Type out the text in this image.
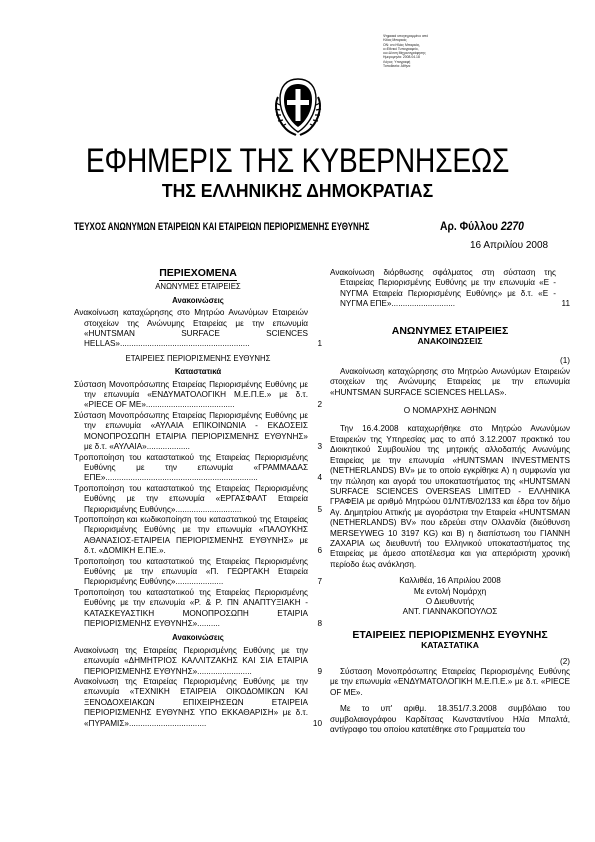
Ψηφιακά υπογεγραμμένο από
Ηλίας Μπαρκάς
ON: cn=Ηλίας Μπαρκάς,
o=Εθνικό Τυπογραφείο,
ou=Δ/νση Μηχανογράφησης
Ημερομηνία: 2008.04.18
Λόγος: Υπογραφή
Τοποθεσία: Αθήνα
ΕΦΗΜΕΡΙΣ ΤΗΣ ΚΥΒΕΡΝΗΣΕΩΣ
ΤΗΣ ΕΛΛΗΝΙΚΗΣ ΔΗΜΟΚΡΑΤΙΑΣ
ΤΕΥΧΟΣ ΑΝΩΝΥΜΩΝ ΕΤΑΙΡΕΙΩΝ ΚΑΙ ΕΤΑΙΡΕΙΩΝ ΠΕΡΙΟΡΙΣΜΕΝΗΣ ΕΥΘΥΝΗΣ	Αρ. Φύλλου 2270
16 Απριλίου 2008
ΠΕΡΙΕΧΟΜΕΝΑ
ΑΝΩΝΥΜΕΣ ΕΤΑΙΡΕΙΕΣ
Ανακοινώσεις
Ανακοίνωση καταχώρησης στο Μητρώο Ανωνύμων Εταιρειών στοιχείων της Ανώνυμης Εταιρείας με την επωνυμία «HUNTSMAN SURFACE SCIENCES HELLAS».........................................................	1
ΕΤΑΙΡΕΙΕΣ ΠΕΡΙΟΡΙΣΜΕΝΗΣ ΕΥΘΥΝΗΣ
Καταστατικά
Σύσταση Μονοπρόσωπης Εταιρείας Περιορισμένης Ευθύνης με την επωνυμία «ΕΝΔΥΜΑΤΟΛΟΓΙΚΗ Μ.Ε.Π.Ε.» με δ.τ. «PIECE OF ME».......................................	2
Σύσταση Μονοπρόσωπης Εταιρείας Περιορισμένης Ευθύνης με την επωνυμία «ΑΥΛΑΙΑ ΕΠΙΚΟΙΝΩΝΙΑ - ΕΚΔΟΣΕΙΣ ΜΟΝΟΠΡΟΣΩΠΗ ΕΤΑΙΡΙΑ ΠΕΡΙΟΡΙΣΜΕΝΗΣ ΕΥΘΥΝΗΣ» με δ.τ. «ΑΥΛΑΙΑ»...................	3
Τροποποίηση του καταστατικού της Εταιρείας Περιορισμένης Ευθύνης με την επωνυμία «ΓΡΑΜΜΑΔΑΣ ΕΠΕ»...................................................................	4
Τροποποίηση του καταστατικού της Εταιρείας Περιορισμένης Ευθύνης με την επωνυμία «ΕΡΓΑΣΦΑΛΤ Εταιρεία Περιορισμένης Ευθύνης».............................	5
Τροποποίηση και κωδικοποίηση του καταστατικού της Εταιρείας Περιορισμένης Ευθύνης με την επωνυμία «ΠΑΛΟΥΚΗΣ ΑΘΑΝΑΣΙΟΣ-ΕΤΑΙΡΕΙΑ ΠΕΡΙΟΡΙΣΜΕΝΗΣ ΕΥΘΥΝΗΣ» με δ.τ. «ΔΟΜΙΚΗ Ε.ΠΕ.».	6
Τροποποίηση του καταστατικού της Εταιρείας Περιορισμένης Ευθύνης με την επωνυμία «Π. ΓΕΩΡΓΑΚΗ Εταιρεία Περιορισμένης Ευθύνης».....................	7
Τροποποίηση του καταστατικού της Εταιρείας Περιορισμένης Ευθύνης με την επωνυμία «Ρ. & Ρ. ΠΝ ΑΝΑΠΤΥΞΙΑΚΗ - ΚΑΤΑΣΚΕΥΑΣΤΙΚΗ ΜΟΝΟΠΡΟΣΩΠΗ ΕΤΑΙΡΙΑ ΠΕΡΙΟΡΙΣΜΕΝΗΣ ΕΥΘΥΝΗΣ»..........	8
Ανακοινώσεις
Ανακοίνωση της Εταιρείας Περιορισμένης Ευθύνης με την επωνυμία «ΔΗΜΗΤΡΙΟΣ ΚΑΛΛΙΤΖΑΚΗΣ ΚΑΙ ΣΙΑ ΕΤΑΙΡΙΑ ΠΕΡΙΟΡΙΣΜΕΝΗΣ ΕΥΘΥΝΗΣ»........................	9
Ανακοίνωση της Εταιρείας Περιορισμένης Ευθύνης με την επωνυμία «ΤΕΧΝΙΚΗ ΕΤΑΙΡΕΙΑ ΟΙΚΟΔΟΜΙΚΩΝ ΚΑΙ ΞΕΝΟΔΟΧΕΙΑΚΩΝ ΕΠΙΧΕΙΡΗΣΕΩΝ ΕΤΑΙΡΕΙΑ ΠΕΡΙΟΡΙΣΜΕΝΗΣ ΕΥΘΥΝΗΣ ΥΠΟ ΕΚΚΑΘΑΡΙΣΗ» με δ.τ. «ΠΥΡΑΜΙΣ»..................................	10
Ανακοίνωση διόρθωσης σφάλματος στη σύσταση της Εταιρείας Περιορισμένης Ευθύνης με την επωνυμία «Ε - ΝΥΓΜΑ Εταιρεία Περιορισμένης Ευθύνης» με δ.τ. «Ε - ΝΥΓΜΑ ΕΠΕ»............................	11
ΑΝΩΝΥΜΕΣ ΕΤΑΙΡΕΙΕΣ
ΑΝΑΚΟΙΝΩΣΕΙΣ
(1)
Ανακοίνωση καταχώρησης στο Μητρώο Ανωνύμων Εταιρειών στοιχείων της Ανώνυμης Εταιρείας με την επωνυμία «HUNTSMAN SURFACE SCIENCES HELLAS».
Ο ΝΟΜΑΡΧΗΣ ΑΘΗΝΩΝ
Την 16.4.2008 καταχωρήθηκε στο Μητρώο Ανωνύμων Εταιρειών της Υπηρεσίας μας το από 3.12.2007 πρακτικό του Διοικητικού Συμβουλίου της μητρικής αλλοδαπής Ανωνύμης Εταιρείας με την επωνυμία «HUNTSMAN INVESTMENTS (NETHERLANDS) BV» με το οποίο εγκρίθηκε Α) η συμφωνία για την πώληση και αγορά του υποκαταστήματος της «HUNTSMAN SURFACE SCIENCES OVERSEAS LIMITED - ΕΛΛΗΝΙΚΑ ΓΡΑΦΕΙΑ με αριθμό Μητρώου 01/ΝΤ/Β/02/133 και έδρα τον δήμο Αγ. Δημητρίου Αττικής με αγοράστρια την Εταιρεία «HUNTSMAN (NETHERLANDS) BV» που εδρεύει στην Ολλανδία (διεύθυνση MERSEYWEG 10 3197 KG) και Β) η διαπίστωση του ΓΙΑΝΝΗ ΖΑΧΑΡΙΑ ως διευθυντή του Ελληνικού υποκαταστήματος της Εταιρείας με άμεσο αποτέλεσμα και για απεριόριστη χρονική περίοδο έως ανάκληση.
Καλλιθέα, 16 Απριλίου 2008
Με εντολή Νομάρχη
Ο Διευθυντής
ΑΝΤ. ΓΙΑΝΝΑΚΟΠΟΥΛΟΣ
ΕΤΑΙΡΕΙΕΣ ΠΕΡΙΟΡΙΣΜΕΝΗΣ ΕΥΘΥΝΗΣ
ΚΑΤΑΣΤΑΤΙΚΑ
(2)
Σύσταση Μονοπρόσωπης Εταιρείας Περιορισμένης Ευθύνης με την επωνυμία «ΕΝΔΥΜΑΤΟΛΟΓΙΚΗ Μ.Ε.Π.Ε.» με δ.τ. «PIECE OF ME».
Με το υπ' αριθμ. 18.351/7.3.2008 συμβόλαιο του συμβολαιογράφου Καρδίτσας Κωνσταντίνου Ηλία Μπαλτά, αντίγραφο του οποίου κατατέθηκε στο Γραμματεία του
